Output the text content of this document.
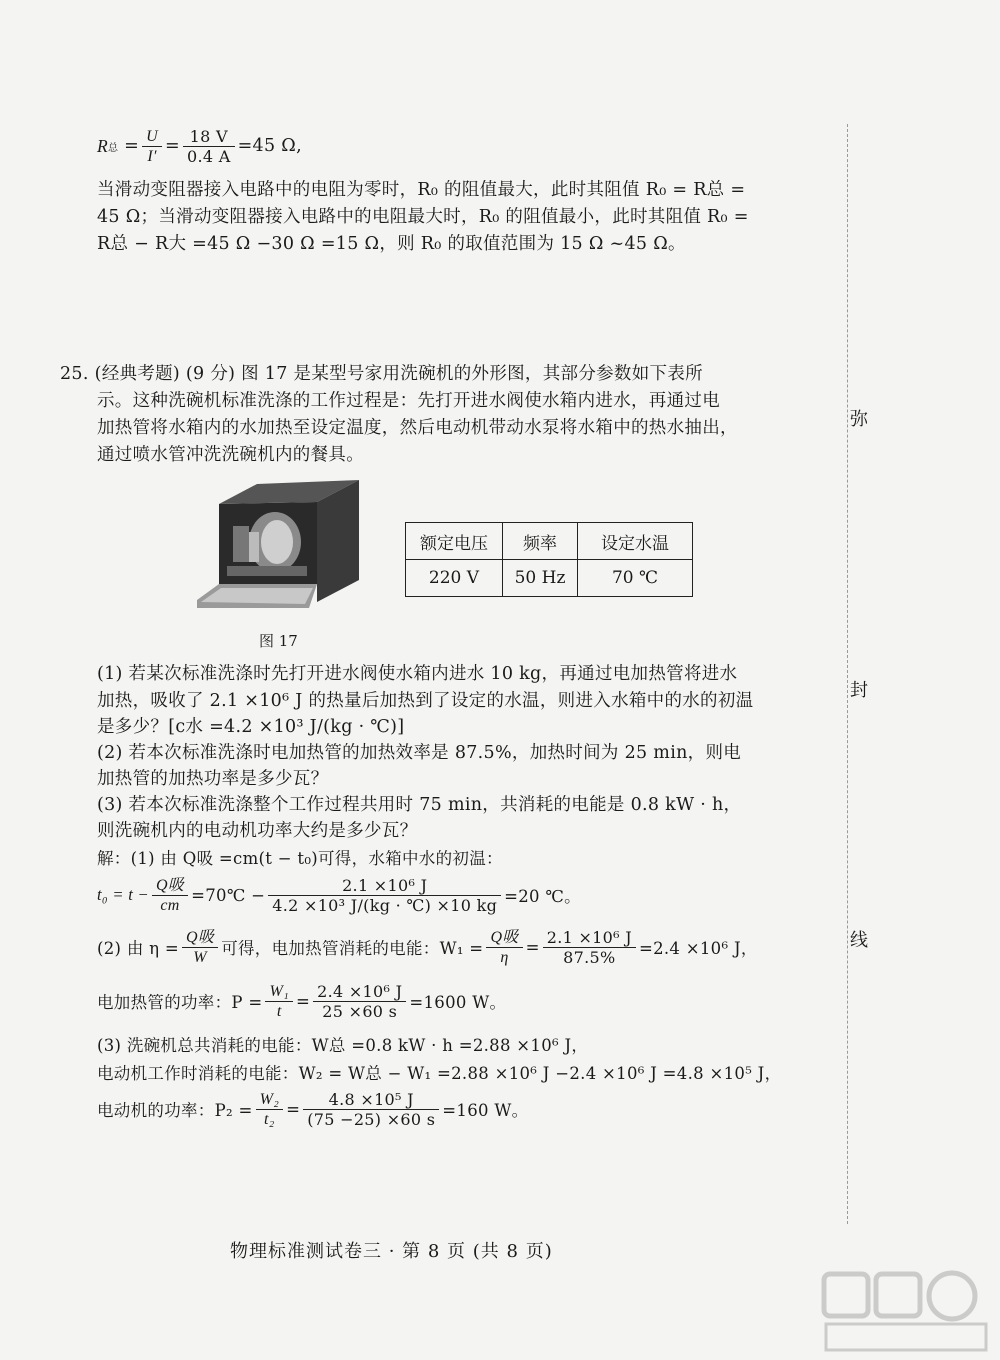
弥
封
线
R 总 = $\frac{U}{I'} = \frac{18 V}{0.4 A} =45$ Ω,
当滑动变阻器接入电路中的电阻为零时，R₀ 的阻值最大，此时其阻值 R₀ = R总 =
45 Ω；当滑动变阻器接入电路中的电阻最大时，R₀ 的阻值最小，此时其阻值 R₀ =
R总 − R大 =45 Ω −30 Ω =15 Ω，则 R₀ 的取值范围为 15 Ω ~45 Ω。
25. (经典考题) (9 分) 图 17 是某型号家用洗碗机的外形图，其部分参数如下表所
示。这种洗碗机标准洗涤的工作过程是：先打开进水阀使水箱内进水，再通过电
加热管将水箱内的水加热至设定温度，然后电动机带动水泵将水箱中的热水抽出，
通过喷水管冲洗洗碗机内的餐具。
图 17
额定电压	频率	设定水温
220 V	50 Hz	70 ℃
(1) 若某次标准洗涤时先打开进水阀使水箱内进水 10 kg，再通过电加热管将进水
加热，吸收了 2.1 ×10⁶ J 的热量后加热到了设定的水温，则进入水箱中的水的初温
是多少？[c水 =4.2 ×10³ J/(kg · ℃)]
(2) 若本次标准洗涤时电加热管的加热效率是 87.5%，加热时间为 25 min，则电
加热管的加热功率是多少瓦？
(3) 若本次标准洗涤整个工作过程共用时 75 min，共消耗的电能是 0.8 kW · h，
则洗碗机内的电动机功率大约是多少瓦？
解：(1) 由 Q吸 =cm(t − t₀)可得，水箱中水的初温：
$t_0 = t - \frac{\text{Q吸}}{cm}$ =70℃ − $\frac{\text{2.1 ×10⁶ J}}{\text{4.2 ×10³ J/(kg · ℃) ×10 kg}} =20$ ℃。
(2) 由 $\eta = \frac{\text{Q吸}}{W}$ 可得，电加热管消耗的电能：$W_1 = \frac{\text{Q吸}}{\eta} = \frac{\text{2.1 ×10⁶ J}}{87.5\%} =2.4 \times 10^6$ J，
电加热管的功率：$P = \frac{\text{W₁}}{t} = \frac{\text{2.4 ×10⁶ J}}{25 \times 60 s} =1600$ W。
(3) 洗碗机总共消耗的电能：W总 =0.8 kW · h =2.88 ×10⁶ J，
电动机工作时消耗的电能：W₂ = W总 − W₁ =2.88 ×10⁶ J −2.4 ×10⁶ J =4.8 ×10⁵ J，
电动机的功率：$P_2 = \frac{\text{W₂}}{\text{t₂}} = \frac{\text{4.8 ×10⁵ J}}{(75 -25) \times 60 s} =160$ W。
物理标准测试卷三 · 第 8 页 (共 8 页)
